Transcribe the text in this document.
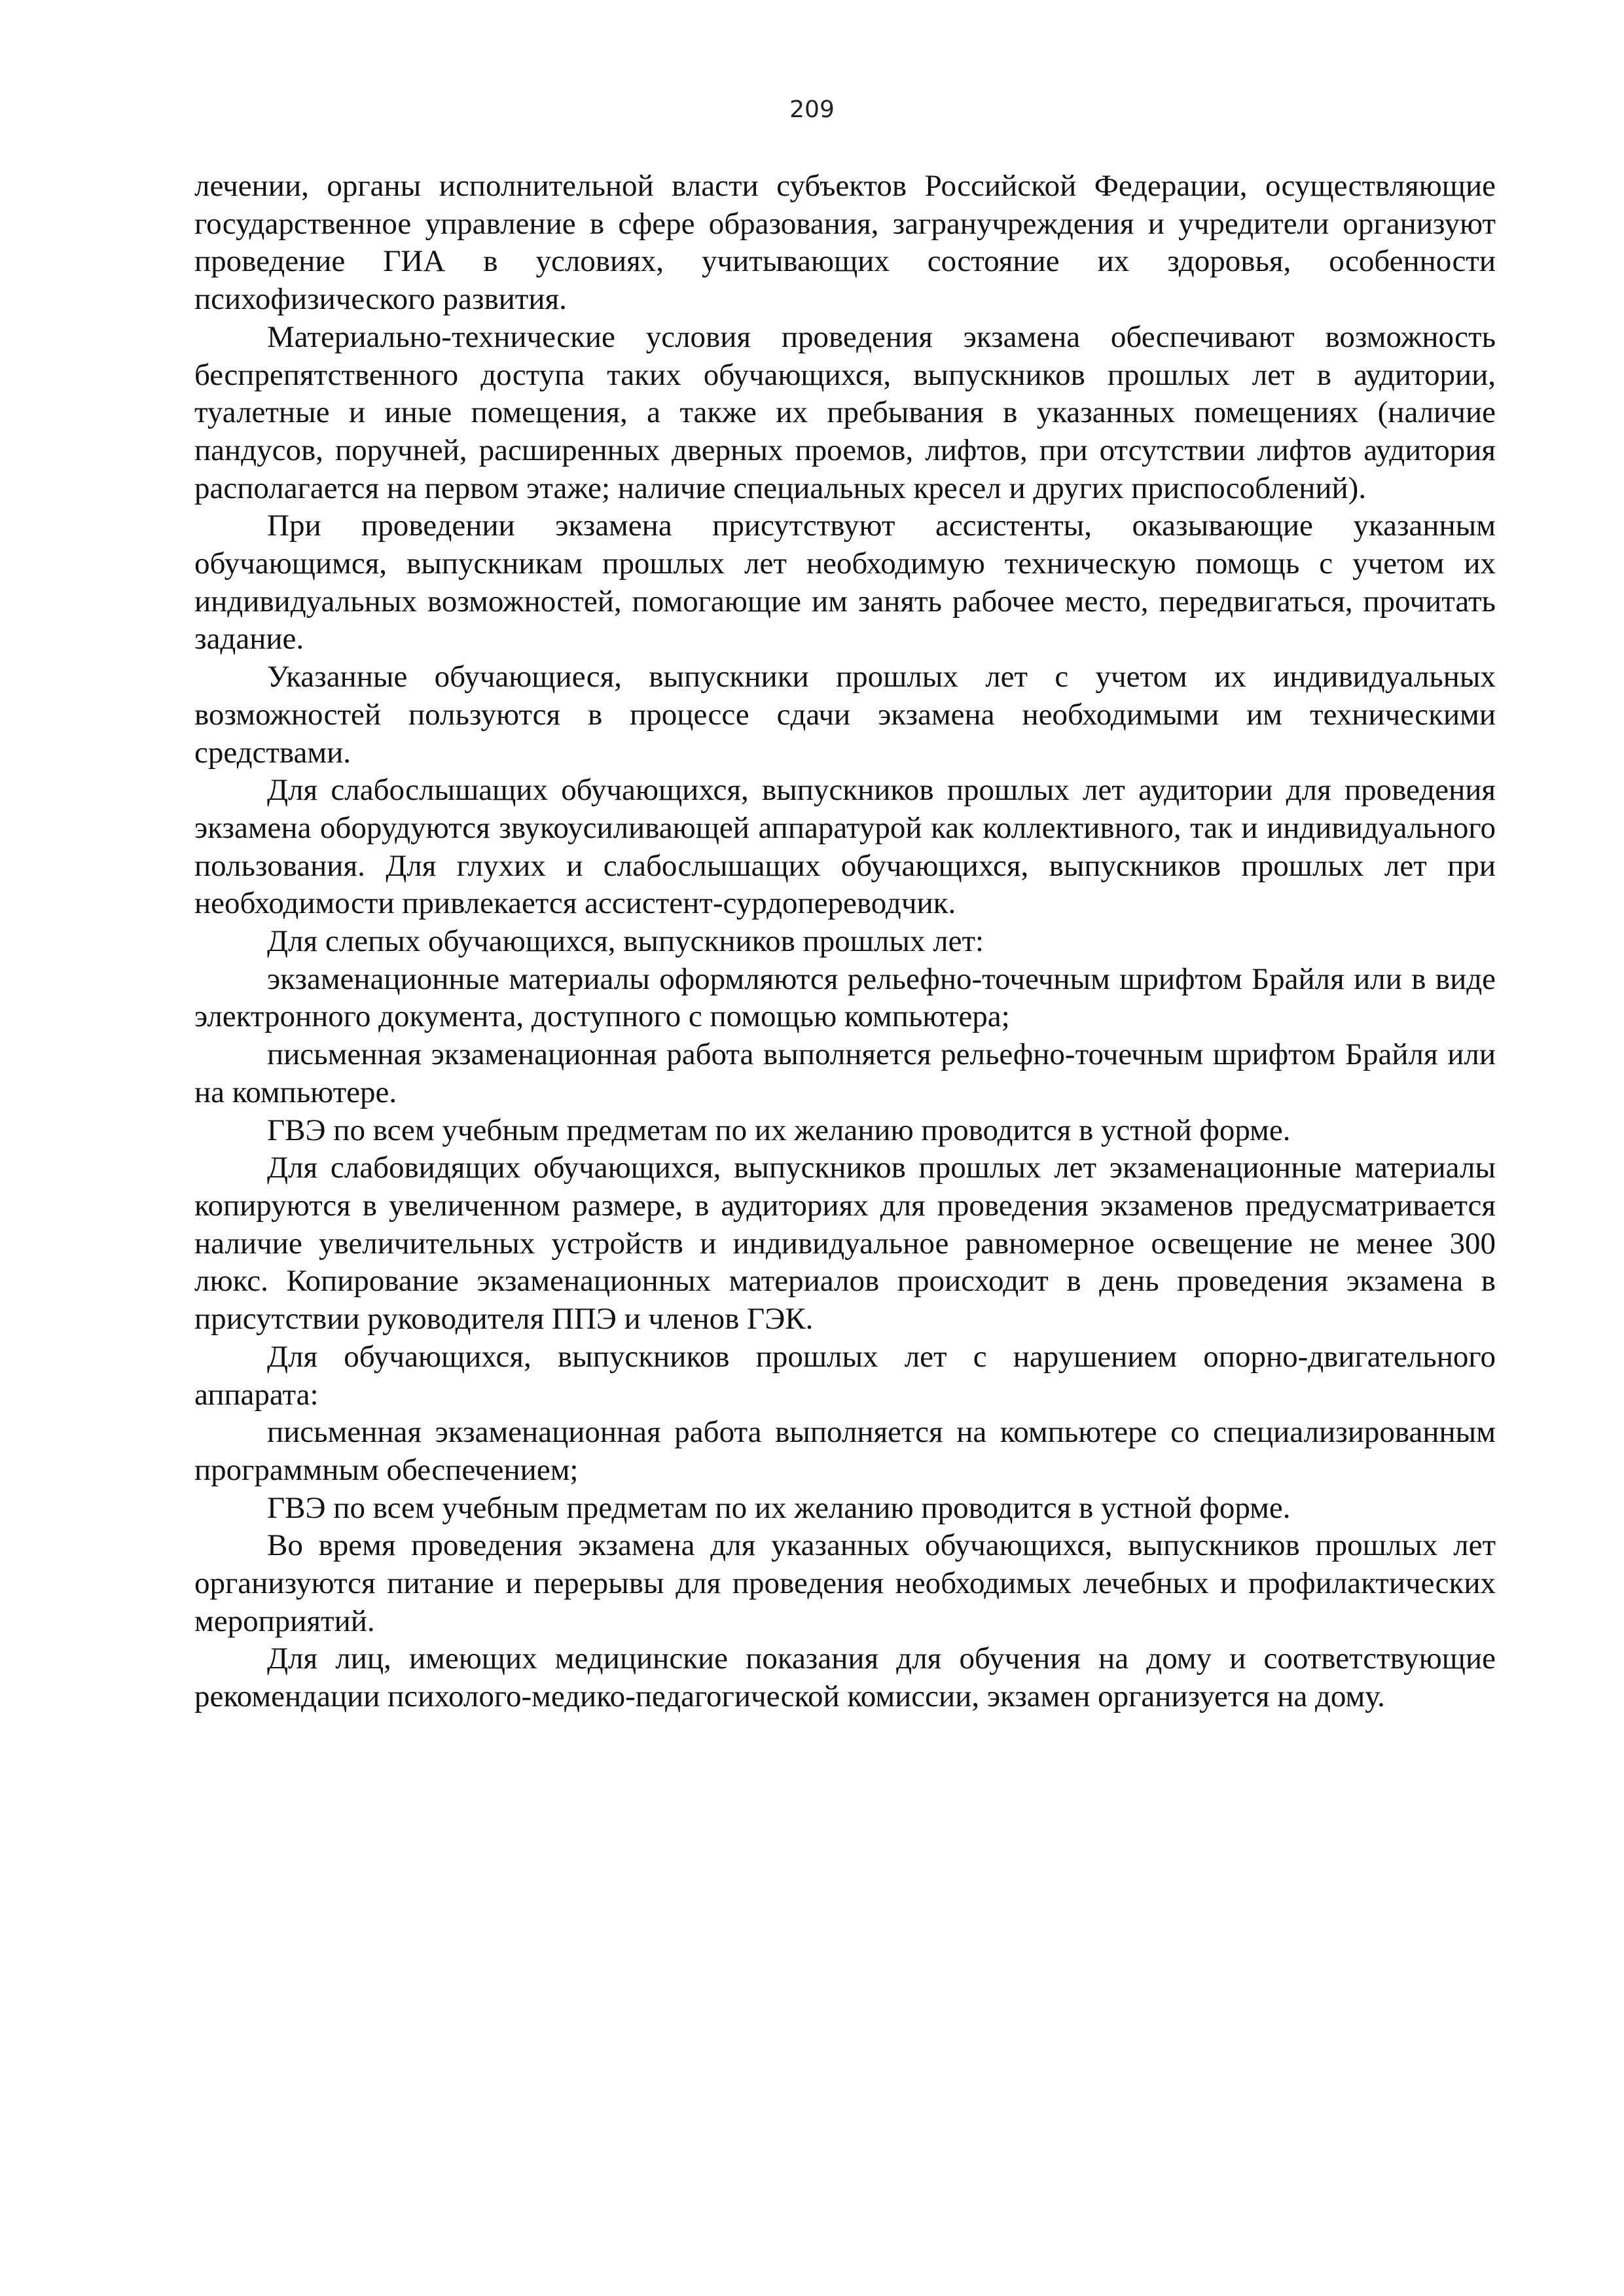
209

лечении, органы исполнительной власти субъектов Российской Федерации, осуществляющие государственное управление в сфере образования, загранучреждения и учредители организуют проведение ГИА в условиях, учитывающих состояние их здоровья, особенности психофизического развития.

Материально-технические условия проведения экзамена обеспечивают возможность беспрепятственного доступа таких обучающихся, выпускников прошлых лет в аудитории, туалетные и иные помещения, а также их пребывания в указанных помещениях (наличие пандусов, поручней, расширенных дверных проемов, лифтов, при отсутствии лифтов аудитория располагается на первом этаже; наличие специальных кресел и других приспособлений).

При проведении экзамена присутствуют ассистенты, оказывающие указанным обучающимся, выпускникам прошлых лет необходимую техническую помощь с учетом их индивидуальных возможностей, помогающие им занять рабочее место, передвигаться, прочитать задание.

Указанные обучающиеся, выпускники прошлых лет с учетом их индивидуальных возможностей пользуются в процессе сдачи экзамена необходимыми им техническими средствами.

Для слабослышащих обучающихся, выпускников прошлых лет аудитории для проведения экзамена оборудуются звукоусиливающей аппаратурой как коллективного, так и индивидуального пользования. Для глухих и слабослышащих обучающихся, выпускников прошлых лет при необходимости привлекается ассистент-сурдопереводчик.

Для слепых обучающихся, выпускников прошлых лет:

экзаменационные материалы оформляются рельефно-точечным шрифтом Брайля или в виде электронного документа, доступного с помощью компьютера;

письменная экзаменационная работа выполняется рельефно-точечным шрифтом Брайля или на компьютере.

ГВЭ по всем учебным предметам по их желанию проводится в устной форме.

Для слабовидящих обучающихся, выпускников прошлых лет экзаменационные материалы копируются в увеличенном размере, в аудиториях для проведения экзаменов предусматривается наличие увеличительных устройств и индивидуальное равномерное освещение не менее 300 люкс. Копирование экзаменационных материалов происходит в день проведения экзамена в присутствии руководителя ППЭ и членов ГЭК.

Для обучающихся, выпускников прошлых лет с нарушением опорно-двигательного аппарата:

письменная экзаменационная работа выполняется на компьютере со специализированным программным обеспечением;

ГВЭ по всем учебным предметам по их желанию проводится в устной форме.

Во время проведения экзамена для указанных обучающихся, выпускников прошлых лет организуются питание и перерывы для проведения необходимых лечебных и профилактических мероприятий.

Для лиц, имеющих медицинские показания для обучения на дому и соответствующие рекомендации психолого-медико-педагогической комиссии, экзамен организуется на дому.
